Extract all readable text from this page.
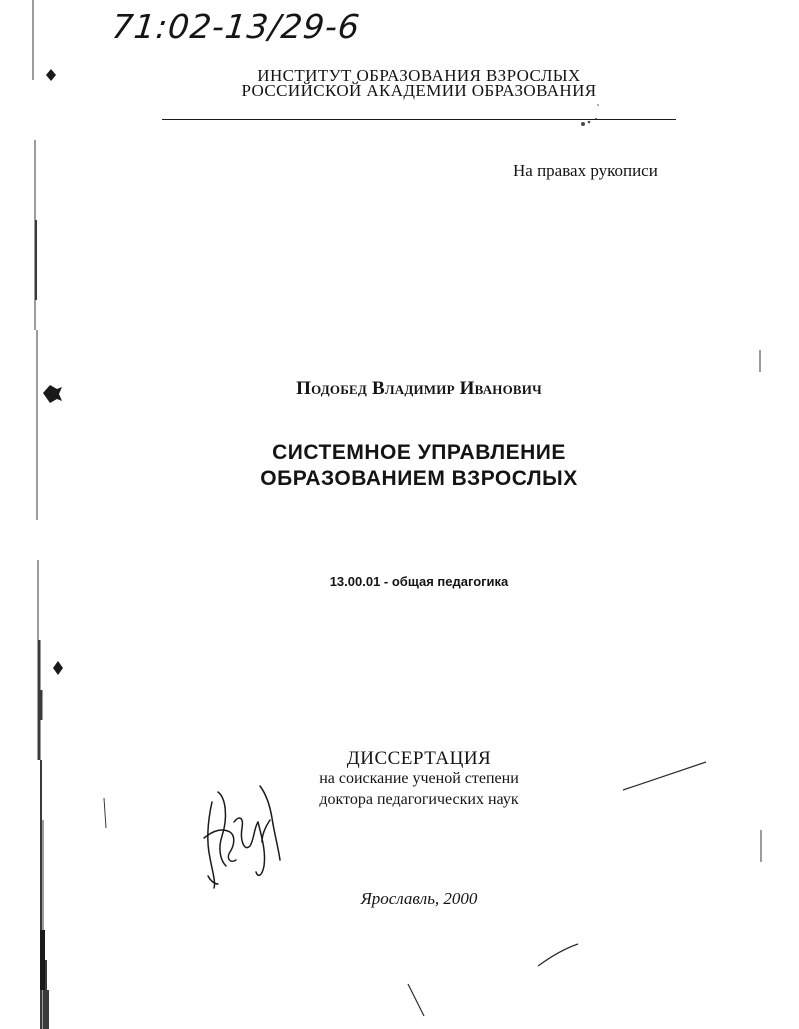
71:02-13/29-6
ИНСТИТУТ ОБРАЗОВАНИЯ ВЗРОСЛЫХ
РОССИЙСКОЙ АКАДЕМИИ ОБРАЗОВАНИЯ
На правах рукописи
Подобед Владимир Иванович
СИСТЕМНОЕ УПРАВЛЕНИЕ
ОБРАЗОВАНИЕМ ВЗРОСЛЫХ
13.00.01 - общая педагогика
ДИССЕРТАЦИЯ
на соискание ученой степени
доктора педагогических наук
Ярославль, 2000
